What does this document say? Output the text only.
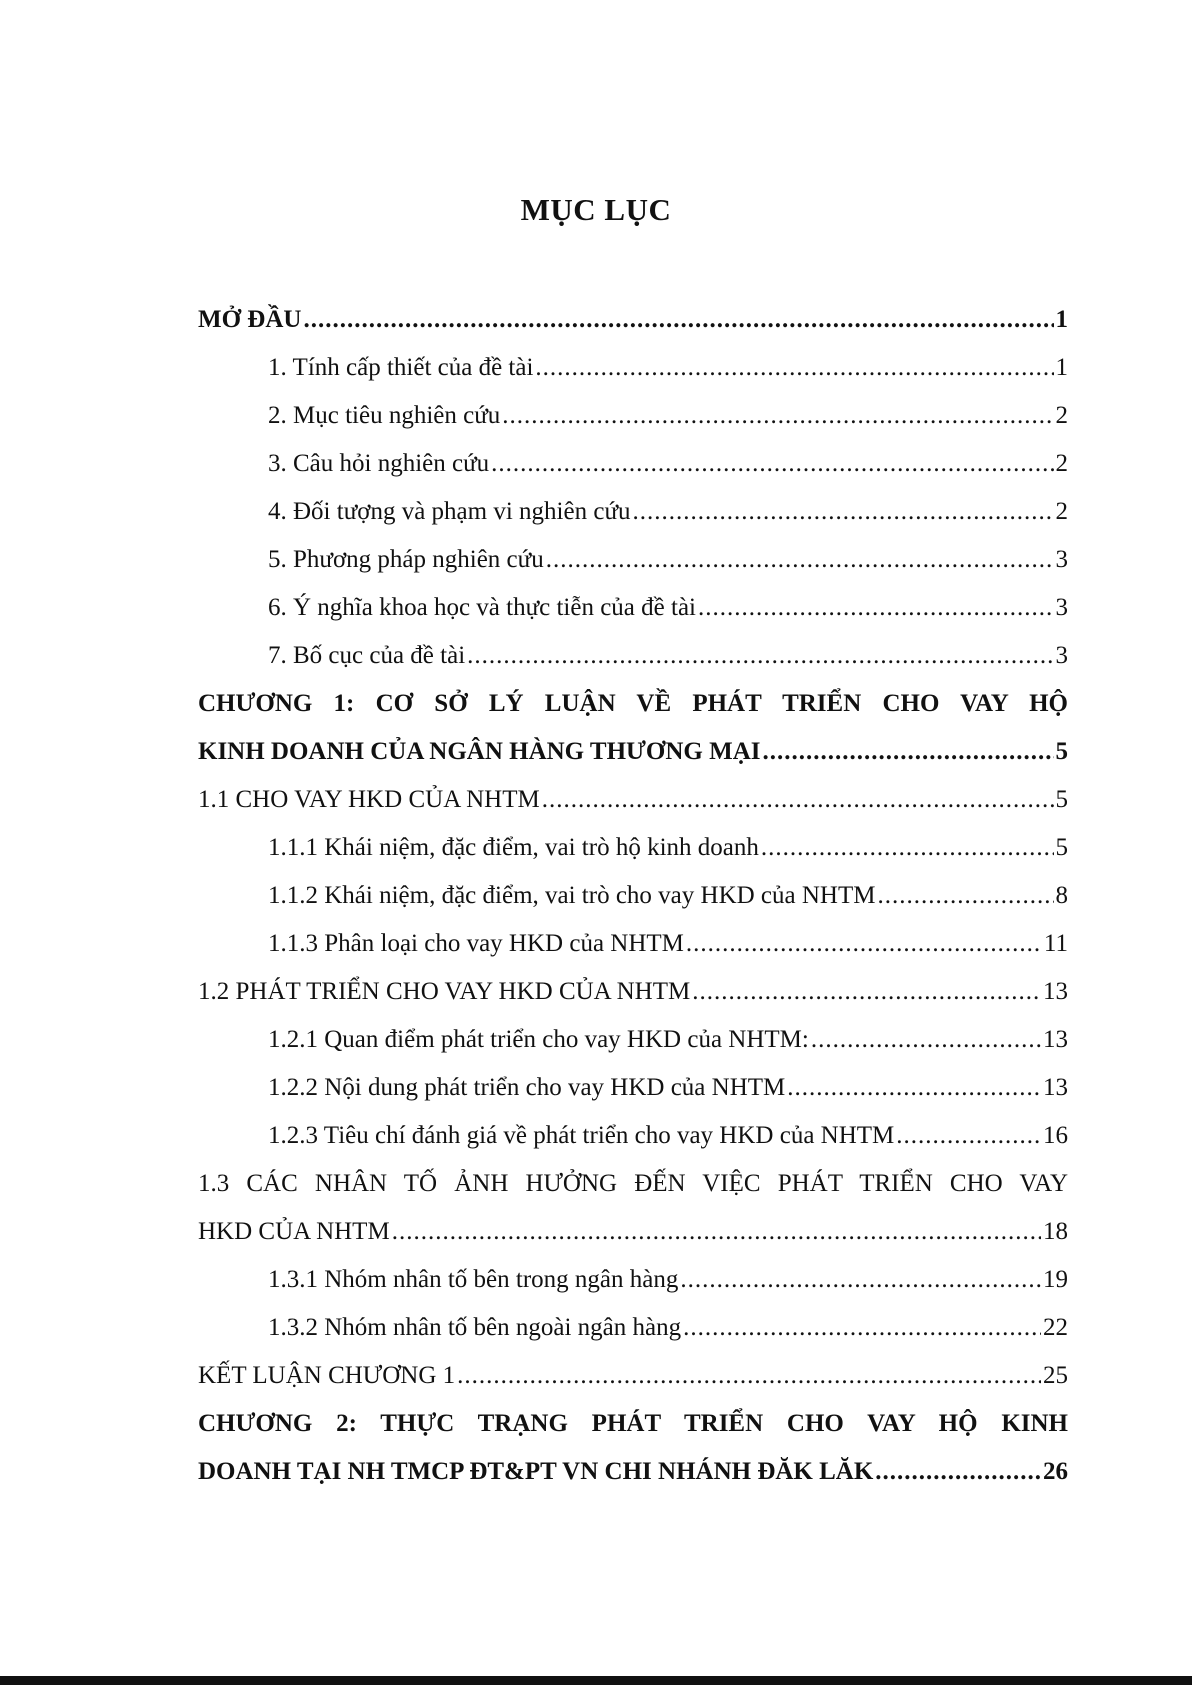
MỤC LỤC
MỞ ĐẦU .....	1
1. Tính cấp thiết của đề tài .....	1
2. Mục tiêu nghiên cứu .....	2
3. Câu hỏi nghiên cứu .....	2
4. Đối tượng và phạm vi nghiên cứu .....	2
5. Phương pháp nghiên cứu .....	3
6. Ý nghĩa khoa học và thực tiễn của đề tài .....	3
7. Bố cục của đề tài .....	3
CHƯƠNG 1: CƠ SỞ LÝ LUẬN VỀ PHÁT TRIỂN CHO VAY HỘ
KINH DOANH CỦA NGÂN HÀNG THƯƠNG MẠI .....	5
1.1 CHO VAY HKD CỦA NHTM .....	5
1.1.1 Khái niệm, đặc điểm, vai trò hộ kinh doanh .....	5
1.1.2 Khái niệm, đặc điểm, vai trò cho vay HKD của NHTM .....	8
1.1.3 Phân loại cho vay HKD của NHTM .....	11
1.2 PHÁT TRIỂN CHO VAY HKD CỦA NHTM .....	13
1.2.1 Quan điểm phát triển cho vay HKD của NHTM: .....	13
1.2.2 Nội dung phát triển cho vay HKD của NHTM .....	13
1.2.3 Tiêu chí đánh giá về phát triển cho vay HKD của NHTM .....	16
1.3 CÁC NHÂN TỐ ẢNH HƯỞNG ĐẾN VIỆC PHÁT TRIỂN CHO VAY
HKD CỦA NHTM .....	18
1.3.1 Nhóm nhân tố bên trong ngân hàng .....	19
1.3.2 Nhóm nhân tố bên ngoài ngân hàng .....	22
KẾT LUẬN CHƯƠNG 1 .....	25
CHƯƠNG 2: THỰC TRẠNG PHÁT TRIỂN CHO VAY HỘ KINH
DOANH TẠI NH TMCP ĐT&PT VN CHI NHÁNH ĐĂK LĂK .....	26
